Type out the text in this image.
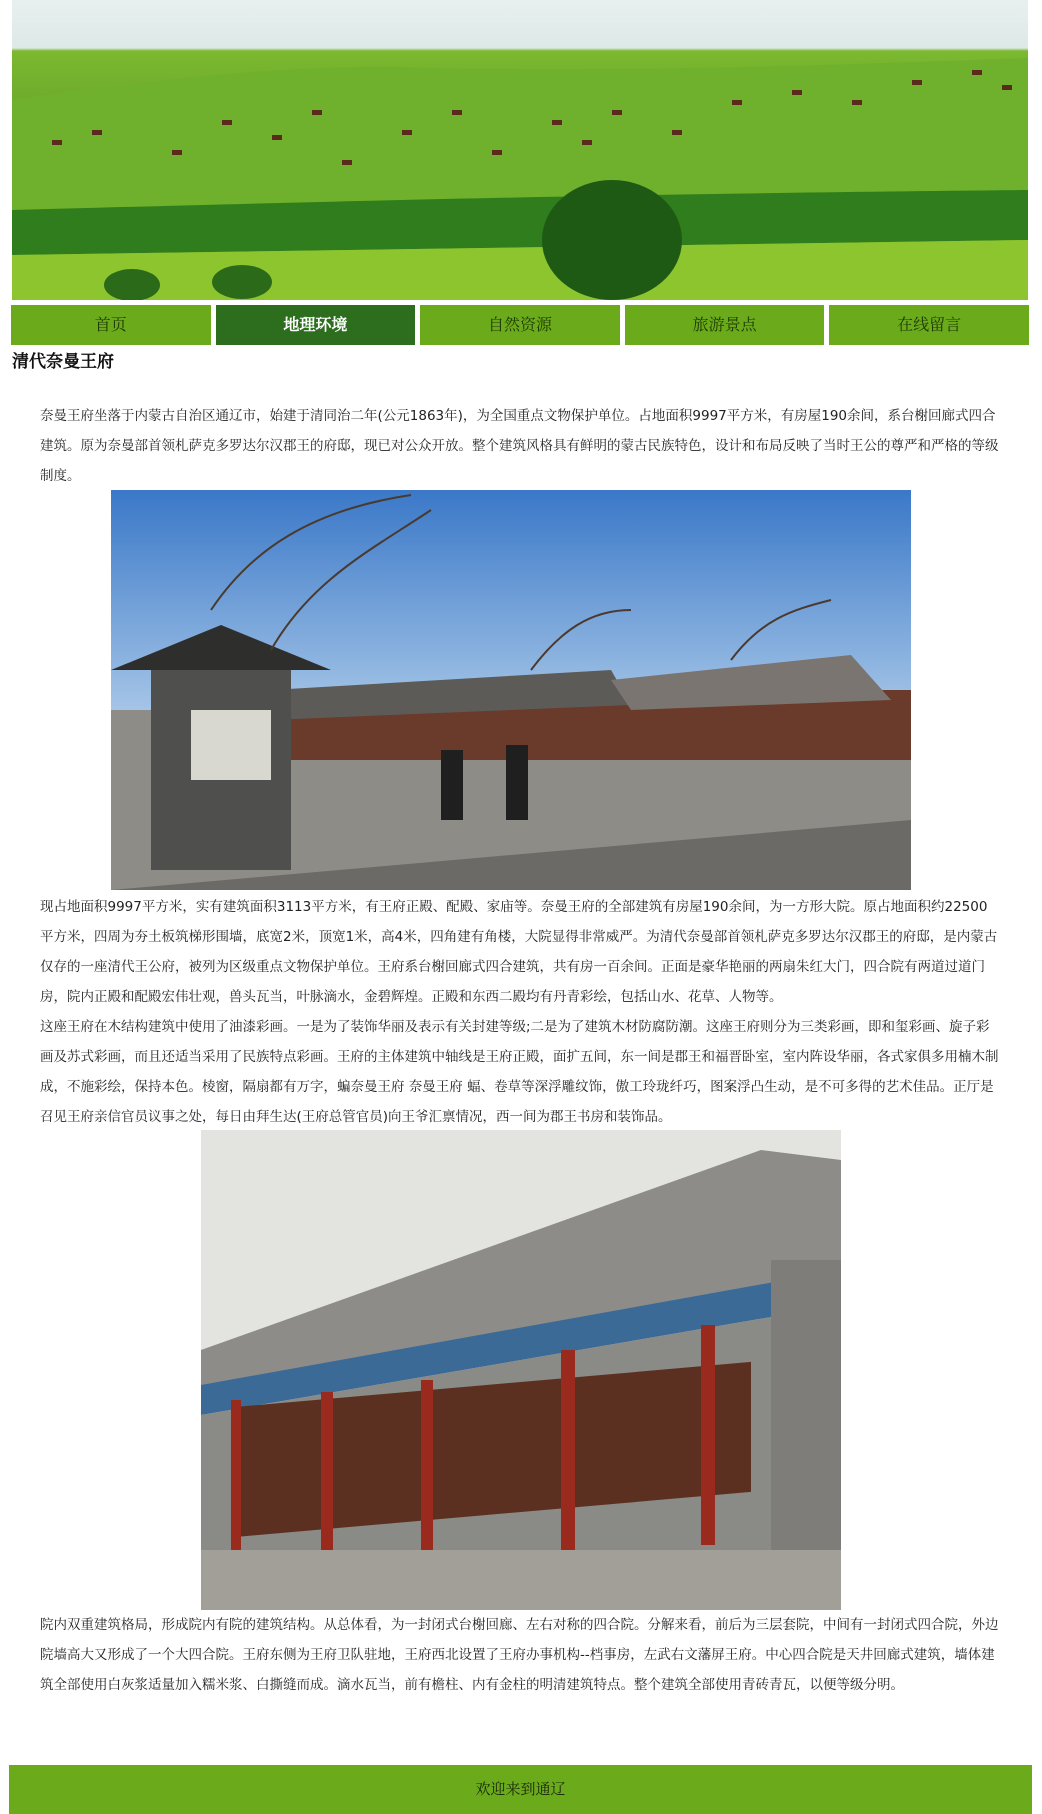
首页	地理环境	自然资源	旅游景点	在线留言
清代奈曼王府

奈曼王府坐落于内蒙古自治区通辽市，始建于清同治二年(公元1863年)，为全国重点文物保护单位。占地面积9997平方米，有房屋190余间，系台榭回廊式四合建筑。原为奈曼部首领札萨克多罗达尔汉郡王的府邸，现已对公众开放。整个建筑风格具有鲜明的蒙古民族特色，设计和布局反映了当时王公的尊严和严格的等级制度。

现占地面积9997平方米，实有建筑面积3113平方米，有王府正殿、配殿、家庙等。奈曼王府的全部建筑有房屋190余间，为一方形大院。原占地面积约22500平方米，四周为夯土板筑梯形围墙，底宽2米，顶宽1米，高4米，四角建有角楼，大院显得非常威严。为清代奈曼部首领札萨克多罗达尔汉郡王的府邸，是内蒙古仅存的一座清代王公府，被列为区级重点文物保护单位。王府系台榭回廊式四合建筑，共有房一百余间。正面是豪华艳丽的两扇朱红大门，四合院有两道过道门房，院内正殿和配殿宏伟壮观，兽头瓦当，叶脉滴水，金碧辉煌。正殿和东西二殿均有丹青彩绘，包括山水、花草、人物等。

这座王府在木结构建筑中使用了油漆彩画。一是为了装饰华丽及表示有关封建等级;二是为了建筑木材防腐防潮。这座王府则分为三类彩画，即和玺彩画、旋子彩画及苏式彩画，而且还适当采用了民族特点彩画。王府的主体建筑中轴线是王府正殿，面扩五间，东一间是郡王和福晋卧室，室内阵设华丽，各式家俱多用楠木制成，不施彩绘，保持本色。棱窗，隔扇都有万字，蝙奈曼王府 奈曼王府 蝠、卷草等深浮雕纹饰，傲工玲珑纤巧，图案浮凸生动，是不可多得的艺术佳品。正厅是召见王府亲信官员议事之处，每日由拜生达(王府总管官员)向王爷汇禀情况，西一间为郡王书房和装饰品。

院内双重建筑格局，形成院内有院的建筑结构。从总体看，为一封闭式台榭回廊、左右对称的四合院。分解来看，前后为三层套院，中间有一封闭式四合院，外边院墙高大又形成了一个大四合院。王府东侧为王府卫队驻地，王府西北设置了王府办事机构--档事房，左武右文藩屏王府。中心四合院是天井回廊式建筑，墙体建筑全部使用白灰浆适量加入糯米浆、白撕缝而成。滴水瓦当，前有檐柱、内有金柱的明清建筑特点。整个建筑全部使用青砖青瓦，以便等级分明。

欢迎来到通辽
